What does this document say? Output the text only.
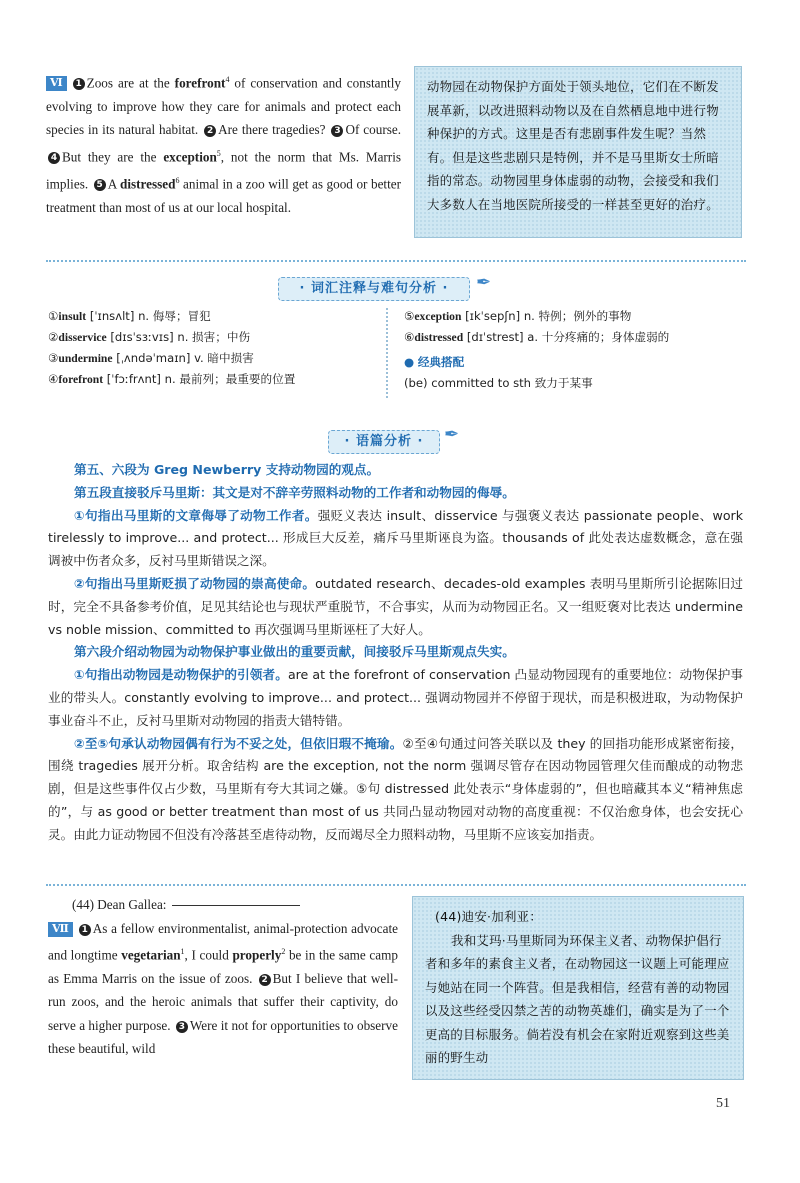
Ⅵ 1 Zoos are at the forefront$^4$ of conservation and constantly evolving to improve how they care for animals and protect each species in its natural habitat. 2 Are there tragedies? 3 Of course. 4 But they are the exception$^5$, not the norm that Ms. Marris implies. 5 A distressed$^6$ animal in a zoo will get as good or better treatment than most of us at our local hospital.
动物园在动物保护方面处于领头地位，它们在不断发展革新，以改进照料动物以及在自然栖息地中进行物种保护的方式。这里是否有悲剧事件发生呢？当然有。但是这些悲剧只是特例，并不是马里斯女士所暗指的常态。动物园里身体虚弱的动物，会接受和我们大多数人在当地医院所接受的一样甚至更好的治疗。
· 词汇注释与难句分析 ·	✒
①insult [ˈɪnsʌlt] n. 侮辱；冒犯
②disservice [dɪsˈsɜːvɪs] n. 损害；中伤
③undermine [ˌʌndəˈmaɪn] v. 暗中损害
④forefront [ˈfɔːfrʌnt] n. 最前列；最重要的位置
⑤exception [ɪkˈsepʃn] n. 特例；例外的事物
⑥distressed [dɪˈstrest] a. 十分疼痛的；身体虚弱的
● 经典搭配
(be) committed to sth 致力于某事
· 语篇分析 ·	✒
第五、六段为 Greg Newberry 支持动物园的观点。
第五段直接驳斥马里斯：其文是对不辞辛劳照料动物的工作者和动物园的侮辱。
①句指出马里斯的文章侮辱了动物工作者。强贬义表达 insult、disservice 与强褒义表达 passionate people、work tirelessly to improve... and protect... 形成巨大反差，痛斥马里斯诬良为盗。thousands of 此处表达虚数概念，意在强调被中伤者众多，反衬马里斯错误之深。
②句指出马里斯贬损了动物园的崇高使命。outdated research、decades-old examples 表明马里斯所引论据陈旧过时，完全不具备参考价值，足见其结论也与现状严重脱节，不合事实，从而为动物园正名。又一组贬褒对比表达 undermine vs noble mission、committed to 再次强调马里斯诬枉了大好人。
第六段介绍动物园为动物保护事业做出的重要贡献，间接驳斥马里斯观点失实。
①句指出动物园是动物保护的引领者。are at the forefront of conservation 凸显动物园现有的重要地位：动物保护事业的带头人。constantly evolving to improve... and protect... 强调动物园并不停留于现状，而是积极进取，为动物保护事业奋斗不止，反衬马里斯对动物园的指责大错特错。
②至⑤句承认动物园偶有行为不妥之处，但依旧瑕不掩瑜。②至④句通过问答关联以及 they 的回指功能形成紧密衔接，围绕 tragedies 展开分析。取舍结构 are the exception, not the norm 强调尽管存在因动物园管理欠佳而酿成的动物悲剧，但是这些事件仅占少数，马里斯有夸大其词之嫌。⑤句 distressed 此处表示“身体虚弱的”，但也暗藏其本义“精神焦虑的”，与 as good or better treatment than most of us 共同凸显动物园对动物的高度重视：不仅治愈身体，也会安抚心灵。由此力证动物园不但没有冷落甚至虐待动物，反而竭尽全力照料动物，马里斯不应该妄加指责。
(44) Dean Gallea:
Ⅶ 1 As a fellow environmentalist, animal-protection advocate and longtime vegetarian$^1$, I could properly$^2$ be in the same camp as Emma Marris on the issue of zoos. 2 But I believe that well-run zoos, and the heroic animals that suffer their captivity, do serve a higher purpose. 3 Were it not for opportunities to observe these beautiful, wild
(44)迪安·加利亚：
我和艾玛·马里斯同为环保主义者、动物保护倡行者和多年的素食主义者，在动物园这一议题上可能理应与她站在同一个阵营。但是我相信，经营有善的动物园以及这些经受囚禁之苦的动物英雄们，确实是为了一个更高的目标服务。倘若没有机会在家附近观察到这些美丽的野生动
51
